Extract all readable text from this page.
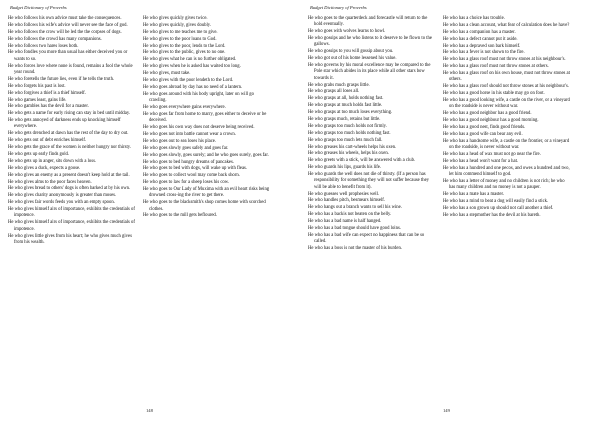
Budget Dictionary of Proverbs
He who follows his own advice must take the consequences.
He who follows his wife's advice will never see the face of god.
He who follows the crow will be led the the corpses of dogs.
He who follows the crowd has many companions.
He who follows two hares loses both.
He who fondles you more than usual has either deceived you or wants to so.
He who forces love where none is found, remains a fool the whole year round.
He who foretells the future lies, even if he tells the truth.
He who forgets his past is lost.
He who forgives a thief is a thief himself.
He who games least, gains life.
He who gambles has the devil for a master.
He who gets a name for early rising can stay in bed until midday.
He who gets annoyed of darkness ends up knocking himself everywhere.
He who gets drenched at dawn has the rest of the day to dry out.
He who gets out of debt enriches himself.
He who gets the grace of the women is neither hungry nor thirsty.
He who gets up early finds gold.
He who gets up in anger, sits down with a loss.
He who gives a duck, expects a goose.
He who gives an enemy as a present doesn't keep hold at the tail.
He who gives alms to the poor faces heaven.
He who gives bread to others' dogs is often barked at by his own.
He who gives charity anonymously is greater than moses.
He who gives fair words feeds you with an empty spoon.
He who gives himself airs of importance, exhibits the credentials of impotence.
He who gives himself airs of importance, exhibits the credentials of impotence.
He who gives little gives from his heart; he who gives much gives from his wealth.
He who gives quickly gives twice.
He who gives quickly, gives doubly.
He who gives to me teaches me to give.
He who gives to the poor loans to God.
He who gives to the poor, lends to the Lord.
He who gives to the public, gives to no one.
He who gives what he can is no further obligated.
He who gives when he is asked has waited too long.
He who gives, must take.
He who gives with the poor lendeth to the Lord.
He who goes abroad by day has no need of a lantern.
He who goes around with his body upright, later on will go crawling.
He who goes everywhere gains everywhere.
He who goes far from home to marry, goes either to deceive or be deceived.
He who goes his own way does not deserve being received.
He who goes not into battle cannot wear a crown.
He who goes out to sea loses his place.
He who goes slowly goes safely and goes far.
He who goes slowly, goes surely; and he who goes surely, goes far.
He who goes to bed hungry dreams of pancakes.
He who goes to bed with dogs, will wake up with fleas.
He who goes to collect wool may come back shorn.
He who goes to law for a sheep loses his cow.
He who goes to Our Lady of Muxima with an evil heart risks being drowned cross-ing the river to get there.
He who goes to the blacksmith's shop comes home with scorched clothes.
He who goes to the mill gets befloured.
148
Budget Dictionary of Proverbs
He who goes to the quarterdeck and forecastle will return to the hold eventually.
He who goes with wolves learns to howl.
He who gossips and he who listens to it deserve to be flown to the gallows.
He who gossips to you will gossip about you.
He who got out of his home lessened his value.
He who governs by his moral excellence may be compared to the Pole star which abides in its place while all other stars bow towards it.
He who grabs much grasps little.
He who grasps all loses all.
He who grasps at all, holds nothing fast.
He who grasps at much holds fast little.
He who grasps at too much loses everything.
He who grasps much, retains but little.
He who grasps too much holds not firmly.
He who grasps too much holds nothing fast.
He who grasps too much lets much fall.
He who greases his cart-wheels helps his oxen.
He who greases his wheels, helps his oxen.
He who greets with a stick, will be answered with a club.
He who guards his lips, guards his life.
He who guards the well does not die of thirsty. (If a person has responsibility for something they will not suffer because they will be able to benefit from it).
He who guesses well prophesies well.
He who handles pitch, besmears himself.
He who hangs out a branch wants to sell his wine.
He who has a backis not beaten on the belly.
He who has a bad name is half hanged.
He who has a bad tongue should have good loins.
He who has a bad wife can expect no happiness that can be so called.
He who has a boss is not the master of his burden.
He who has a choice has trouble.
He who has a clean account, what fear of calculation does he have?
He who has a companion has a master.
He who has a defect cannot put it aside.
He who has a depraved son bark himself.
He who has a fever is not shown to the fire.
He who has a glass roof must not throw stones at his neighbour's.
He who has a glass roof must not throw stones at others.
He who has a glass roof on his own house, must not throw stones at others.
He who has a glass roof should not throw stones at his neighbour's.
He who has a good horse in his stable may go on foot.
He who has a good looking wife, a castle on the river, or a vineyard on the roadside is never without war.
He who has a good neighbor has a good friend.
He who has a good neighbour has a good morning.
He who has a good nest, finds good friends.
He who has a good wife can bear any evil.
He who has a handsome wife, a castle on the frontier, or a vineyard on the roadside, is never without war.
He who has a head of wax must not go near the fire.
He who has a head won't want for a hat.
He who has a hundred and one pecos, and owes a hundred and two, let him commend himself to god.
He who has a letter of money and no children is not rich; he who has many children and no money is not a pauper.
He who has a mate has a master.
He who has a mind to beat a dog will easily find a stick.
He who has a son grown up should not call another a thief.
He who has a stepmother has the devil at his bareth.
149
